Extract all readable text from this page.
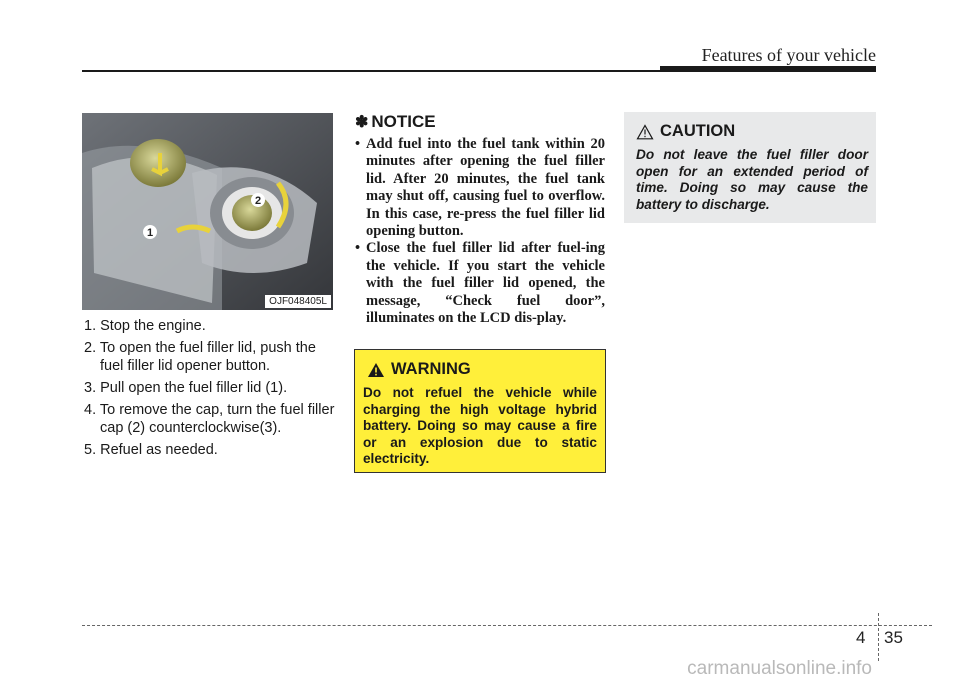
Features of your vehicle
1
2
OJF048405L
1. Stop the engine.
2. To open the fuel filler lid, push the fuel filler lid opener button.
3. Pull open the fuel filler lid (1).
4. To remove the cap, turn the fuel filler cap (2) counterclockwise(3).
5. Refuel as needed.
✽ NOTICE
• Add fuel into the fuel tank within 20 minutes after opening the fuel filler lid. After 20 minutes, the fuel tank may shut off, causing fuel to overflow. In this case, re-press the fuel filler lid opening button.
• Close the fuel filler lid after fuel-ing the vehicle. If you start the vehicle with the fuel filler lid opened, the message, “Check fuel door”, illuminates on the LCD dis-play.
WARNING
Do not refuel the vehicle while charging the high voltage hybrid battery. Doing so may cause a fire or an explosion due to static electricity.
CAUTION
Do not leave the fuel filler door open for an extended period of time. Doing so may cause the battery to discharge.
4 35
carmanualsonline.info
